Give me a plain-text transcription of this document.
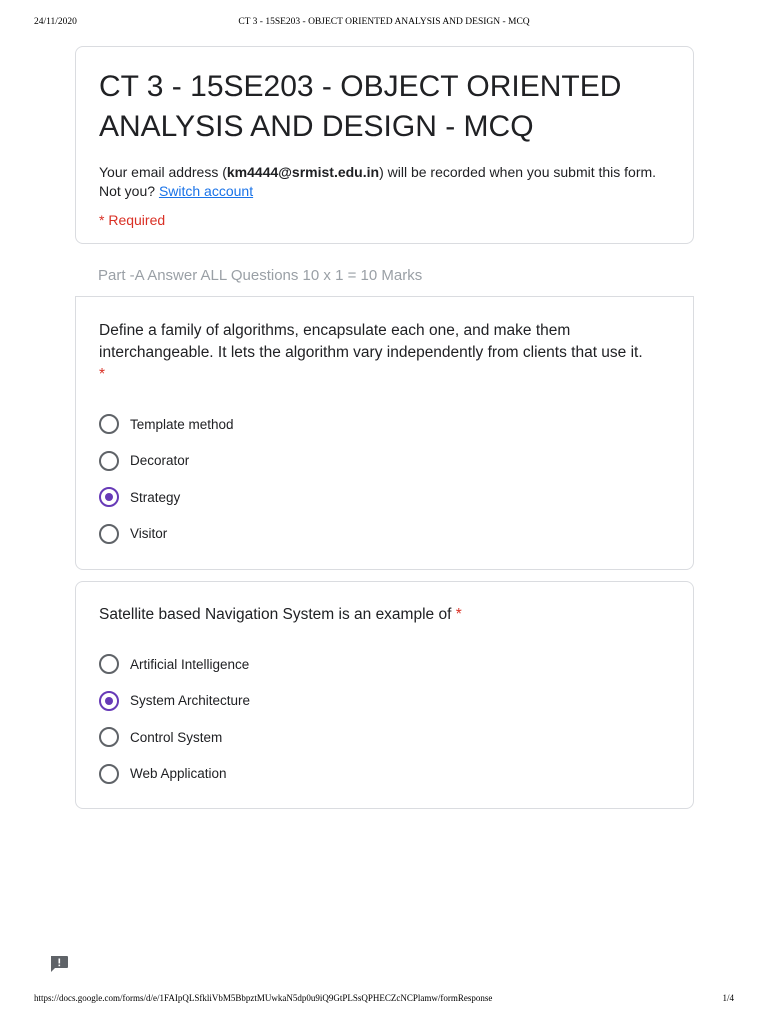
24/11/2020	CT 3 - 15SE203 - OBJECT ORIENTED ANALYSIS AND DESIGN - MCQ
CT 3 - 15SE203 - OBJECT ORIENTED ANALYSIS AND DESIGN - MCQ
Your email address (km4444@srmist.edu.in) will be recorded when you submit this form.
Not you? Switch account
* Required
Part -A Answer ALL Questions 10 x 1 = 10 Marks
Define a family of algorithms, encapsulate each one, and make them interchangeable. It lets the algorithm vary independently from clients that use it.
*
Template method
Decorator
Strategy
Visitor
Satellite based Navigation System is an example of *
Artificial Intelligence
System Architecture
Control System
Web Application
https://docs.google.com/forms/d/e/1FAIpQLSfkliVbM5BbpztMUwkaN5dp0u9iQ9GtPLSsQPHECZcNCPlamw/formResponse	1/4
